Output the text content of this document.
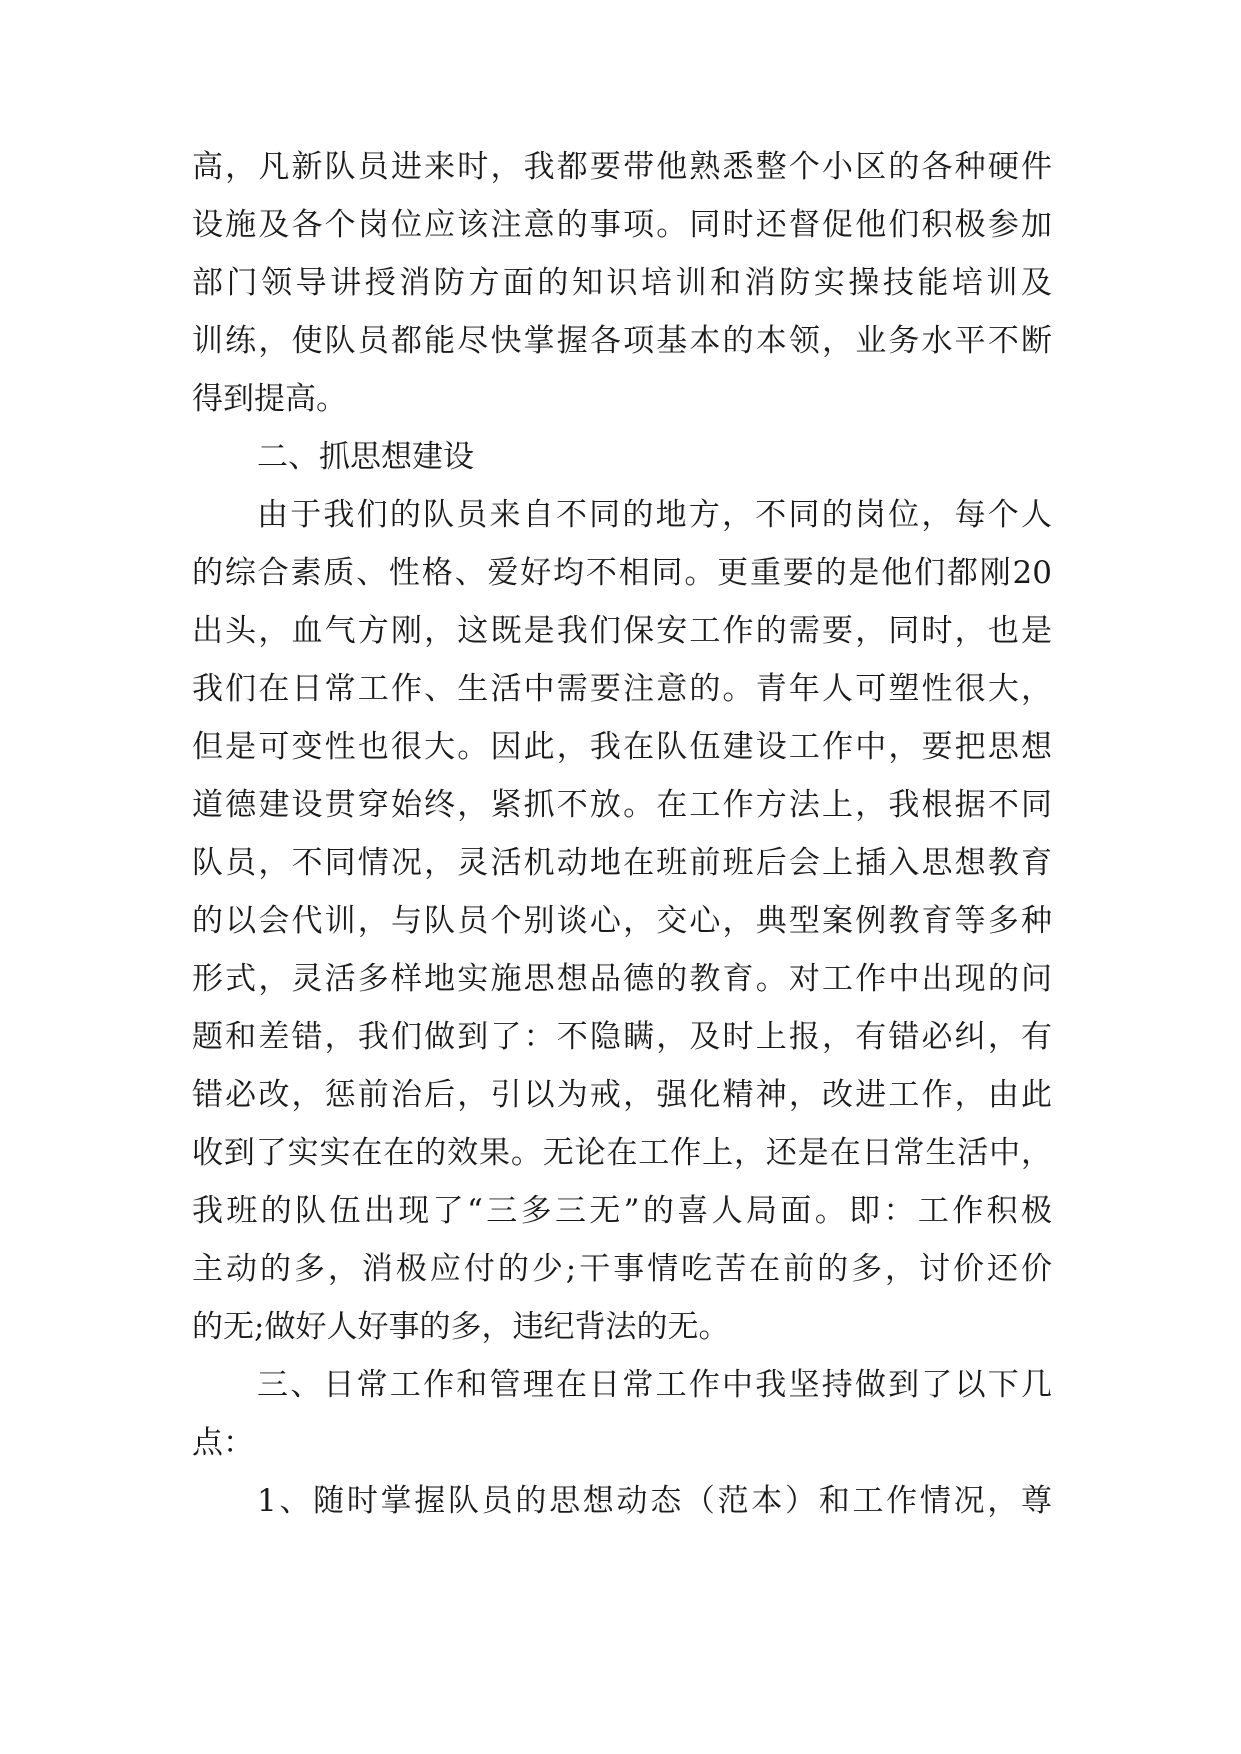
高，凡新队员进来时，我都要带他熟悉整个小区的各种硬件
设施及各个岗位应该注意的事项。同时还督促他们积极参加
部门领导讲授消防方面的知识培训和消防实操技能培训及
训练，使队员都能尽快掌握各项基本的本领，业务水平不断
得到提高。
二、抓思想建设
由于我们的队员来自不同的地方，不同的岗位，每个人
的综合素质、性格、爱好均不相同。更重要的是他们都刚20
出头，血气方刚，这既是我们保安工作的需要，同时，也是
我们在日常工作、生活中需要注意的。青年人可塑性很大，
但是可变性也很大。因此，我在队伍建设工作中，要把思想
道德建设贯穿始终，紧抓不放。在工作方法上，我根据不同
队员，不同情况，灵活机动地在班前班后会上插入思想教育
的以会代训，与队员个别谈心，交心，典型案例教育等多种
形式，灵活多样地实施思想品德的教育。对工作中出现的问
题和差错，我们做到了：不隐瞒，及时上报，有错必纠，有
错必改，惩前治后，引以为戒，强化精神，改进工作，由此
收到了实实在在的效果。无论在工作上，还是在日常生活中，
我班的队伍出现了“三多三无”的喜人局面。即：工作积极
主动的多，消极应付的少;干事情吃苦在前的多，讨价还价
的无;做好人好事的多，违纪背法的无。
三、日常工作和管理在日常工作中我坚持做到了以下几
点：
1、随时掌握队员的思想动态（范本）和工作情况，尊
